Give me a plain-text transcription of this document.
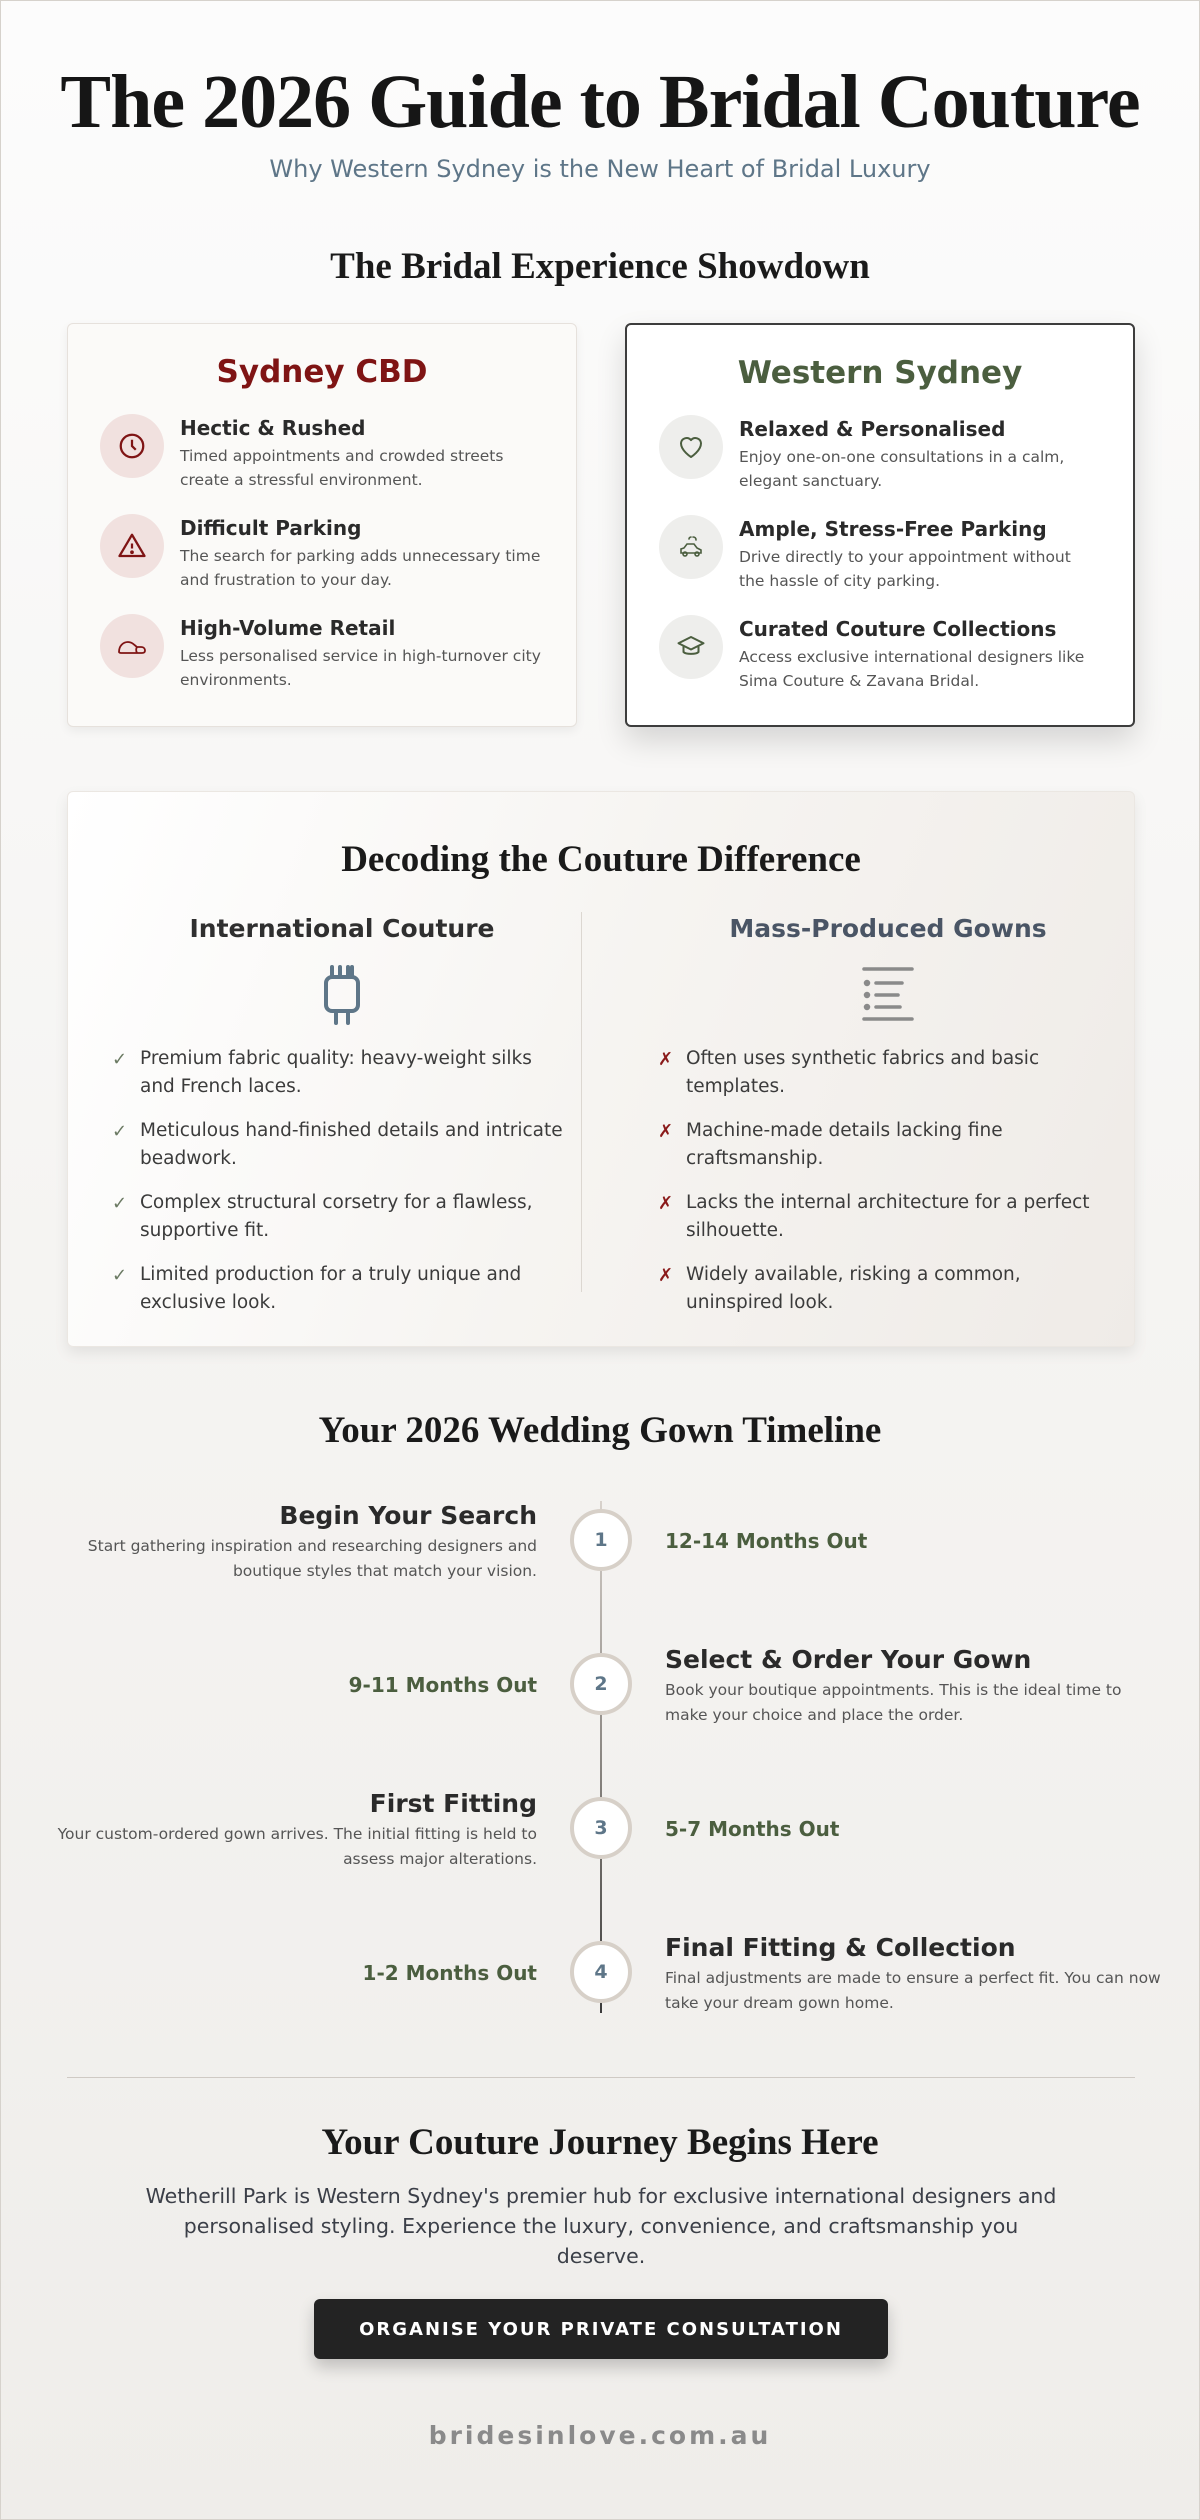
The 2026 Guide to Bridal Couture
Why Western Sydney is the New Heart of Bridal Luxury
The Bridal Experience Showdown
Sydney CBD
Hectic & Rushed
Timed appointments and crowded streets create a stressful environment.
Difficult Parking
The search for parking adds unnecessary time and frustration to your day.
High-Volume Retail
Less personalised service in high-turnover city environments.
Western Sydney
Relaxed & Personalised
Enjoy one-on-one consultations in a calm, elegant sanctuary.
Ample, Stress-Free Parking
Drive directly to your appointment without the hassle of city parking.
Curated Couture Collections
Access exclusive international designers like Sima Couture & Zavana Bridal.
Decoding the Couture Difference
International Couture
✓ Premium fabric quality: heavy-weight silks and French laces.
✓ Meticulous hand-finished details and intricate beadwork.
✓ Complex structural corsetry for a flawless, supportive fit.
✓ Limited production for a truly unique and exclusive look.
Mass-Produced Gowns
✗ Often uses synthetic fabrics and basic templates.
✗ Machine-made details lacking fine craftsmanship.
✗ Lacks the internal architecture for a perfect silhouette.
✗ Widely available, risking a common, uninspired look.
Your 2026 Wedding Gown Timeline
Begin Your Search
Start gathering inspiration and researching designers and boutique styles that match your vision.
1	12-14 Months Out
9-11 Months Out	2
Select & Order Your Gown
Book your boutique appointments. This is the ideal time to make your choice and place the order.
First Fitting
Your custom-ordered gown arrives. The initial fitting is held to assess major alterations.
3	5-7 Months Out
1-2 Months Out	4
Final Fitting & Collection
Final adjustments are made to ensure a perfect fit. You can now take your dream gown home.
Your Couture Journey Begins Here

Wetherill Park is Western Sydney's premier hub for exclusive international designers and personalised styling. Experience the luxury, convenience, and craftsmanship you deserve.

ORGANISE YOUR PRIVATE CONSULTATION
bridesinlove.com.au
